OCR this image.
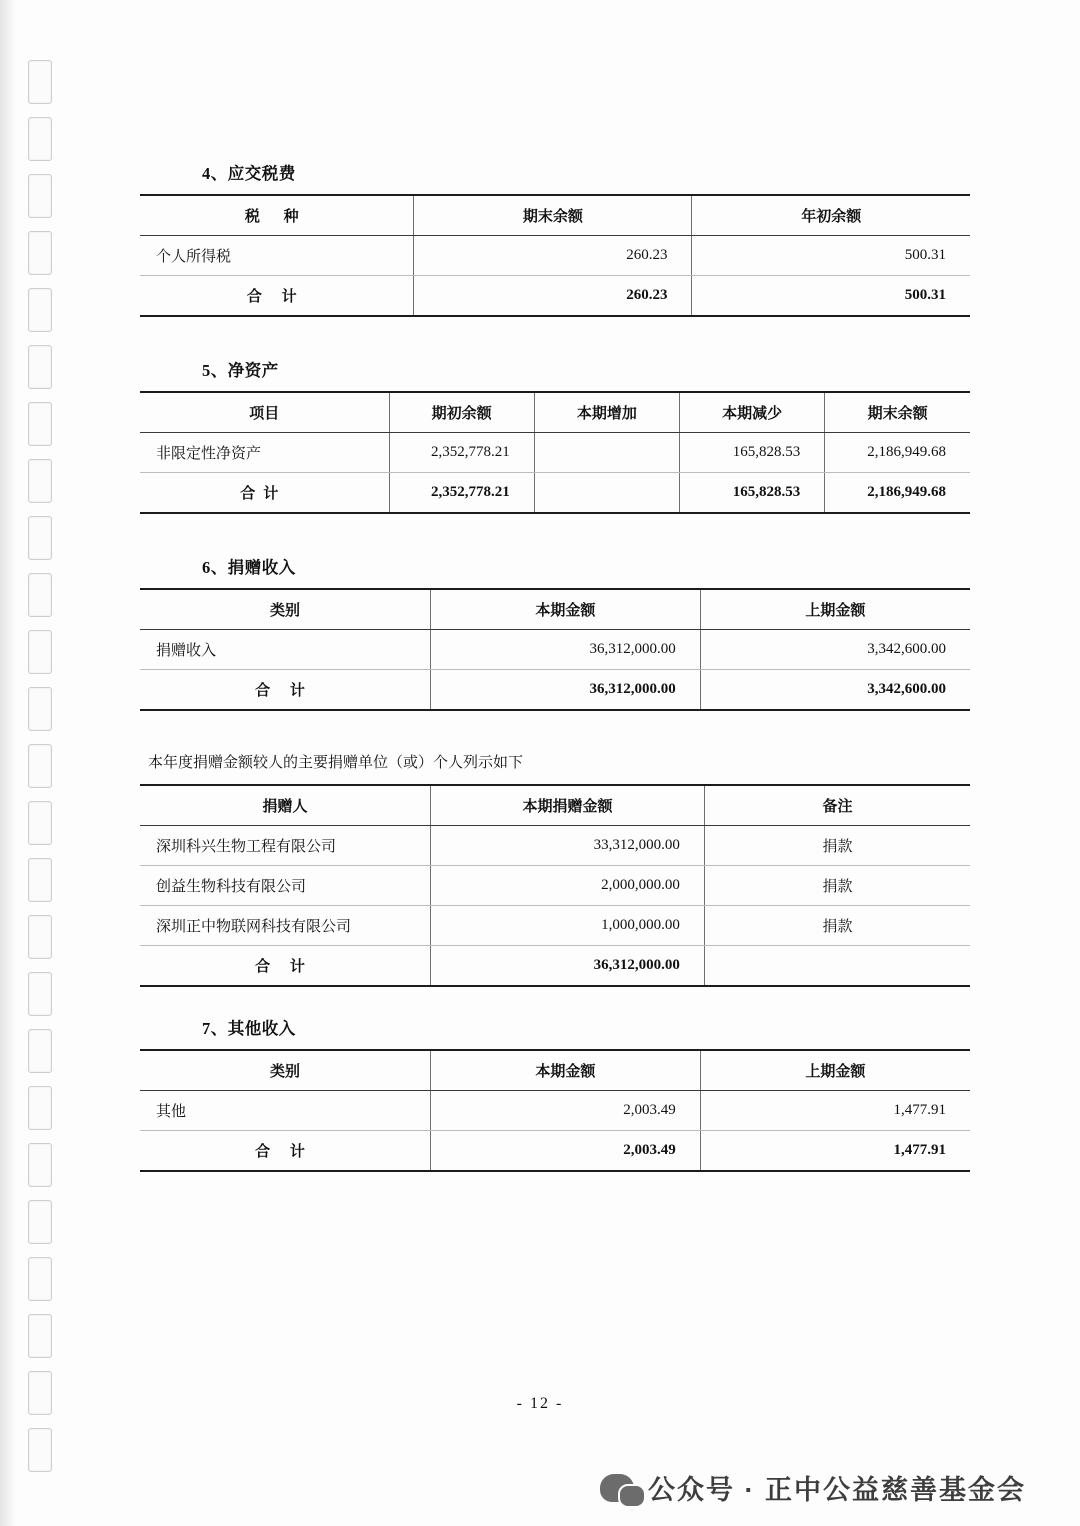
4、应交税费
税 种	期末余额	年初余额
个人所得税	260.23	500.31
合 计	260.23	500.31
5、净资产
项目	期初余额	本期增加	本期减少	期末余额
非限定性净资产	2,352,778.21		165,828.53	2,186,949.68
合计	2,352,778.21		165,828.53	2,186,949.68
6、捐赠收入
类别	本期金额	上期金额
捐赠收入	36,312,000.00	3,342,600.00
合 计	36,312,000.00	3,342,600.00
本年度捐赠金额较人的主要捐赠单位（或）个人列示如下
捐赠人	本期捐赠金额	备注
深圳科兴生物工程有限公司	33,312,000.00	捐款
创益生物科技有限公司	2,000,000.00	捐款
深圳正中物联网科技有限公司	1,000,000.00	捐款
合 计	36,312,000.00	
7、其他收入
类别	本期金额	上期金额
其他	2,003.49	1,477.91
合 计	2,003.49	1,477.91
- 12 -
公众号 · 正中公益慈善基金会
